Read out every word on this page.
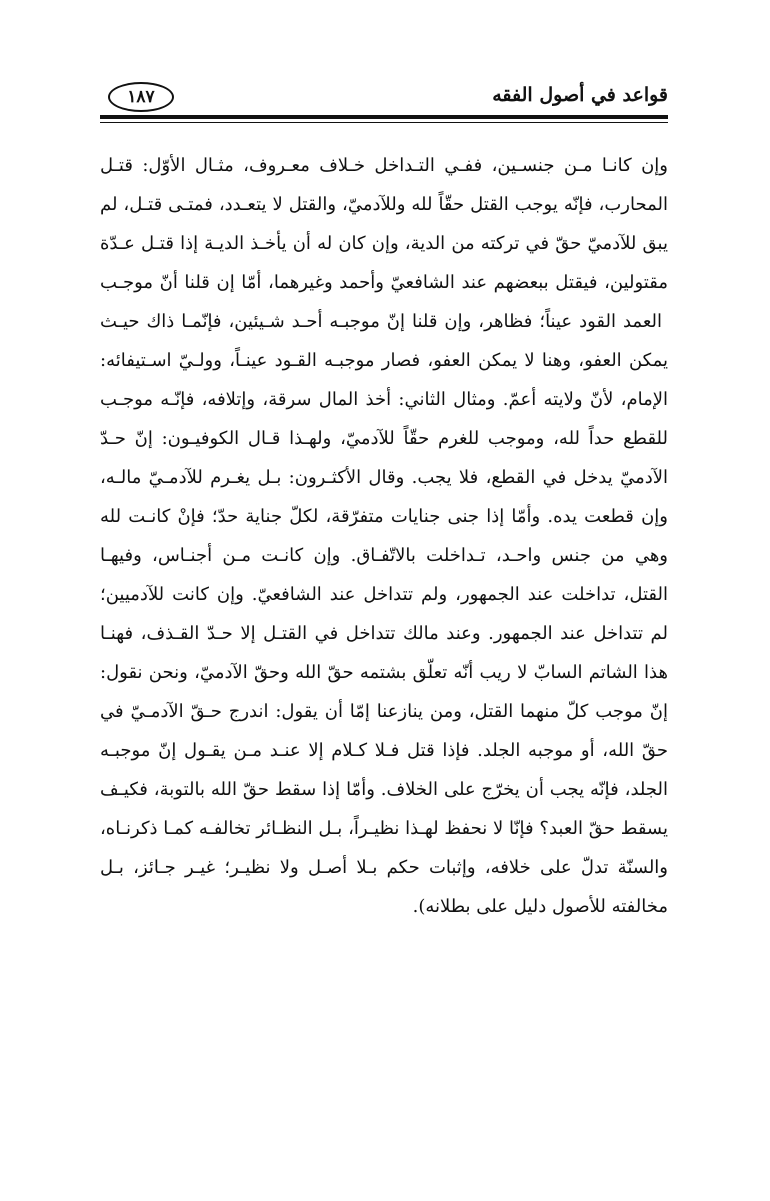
قواعد في أصول الفقه
١٨٧
وإن كانـا مـن جنسـين، ففـي التـداخل خـلاف معـروف، مثـال الأوّل: قتـل
المحارب، فإنّه يوجب القتل حقّاً لله وللآدميّ، والقتل لا يتعـدد، فمتـى قتـل، لم
يبق للآدميّ حقّ في تركته من الدية، وإن كان له أن يأخـذ الديـة إذا قتـل عـدّة
مقتولين، فيقتل ببعضهم عند الشافعيّ وأحمد وغيرهما، أمّا إن قلنا أنّ موجـب
العمد القود عيناً؛ فظاهر، وإن قلنا إنّ موجبـه أحـد شـيئين، فإنّمـا ذاك حيـث
يمكن العفو، وهنا لا يمكن العفو، فصار موجبـه القـود عينـاً، وولـيّ اسـتيفائه:
الإمام، لأنّ ولايته أعمّ. ومثال الثاني: أخذ المال سرقة، وإتلافه، فإنّـه موجـب
للقطع حداً لله، وموجب للغرم حقّاً للآدميّ، ولهـذا قـال الكوفيـون: إنّ حـدّ
الآدميّ يدخل في القطع، فلا يجب. وقال الأكثـرون: بـل يغـرم للآدمـيّ مالـه،
وإن قطعت يده. وأمّا إذا جنى جنايات متفرّقة، لكلّ جناية حدّ؛ فإنْ كانـت لله
وهي من جنس واحـد، تـداخلت بالاتّفـاق. وإن كانـت مـن أجنـاس، وفيهـا
القتل، تداخلت عند الجمهور، ولم تتداخل عند الشافعيّ. وإن كانت للآدميين؛
لم تتداخل عند الجمهور. وعند مالك تتداخل في القتـل إلا حـدّ القـذف، فهنـا
هذا الشاتم السابّ لا ريب أنّه تعلّق بشتمه حقّ الله وحقّ الآدميّ، ونحن نقول:
إنّ موجب كلّ منهما القتل، ومن ينازعنا إمّا أن يقول: اندرج حـقّ الآدمـيّ في
حقّ الله، أو موجبه الجلد. فإذا قتل فـلا كـلام إلا عنـد مـن يقـول إنّ موجبـه
الجلد، فإنّه يجب أن يخرّج على الخلاف. وأمّا إذا سقط حقّ الله بالتوبة، فكيـف
يسقط حقّ العبد؟ فإنّا لا نحفظ لهـذا نظيـراً، بـل النظـائر تخالفـه كمـا ذكرنـاه،
والسنّة تدلّ على خلافه، وإثبات حكم بـلا أصـل ولا نظيـر؛ غيـر جـائز، بـل
مخالفته للأصول دليل على بطلانه).
